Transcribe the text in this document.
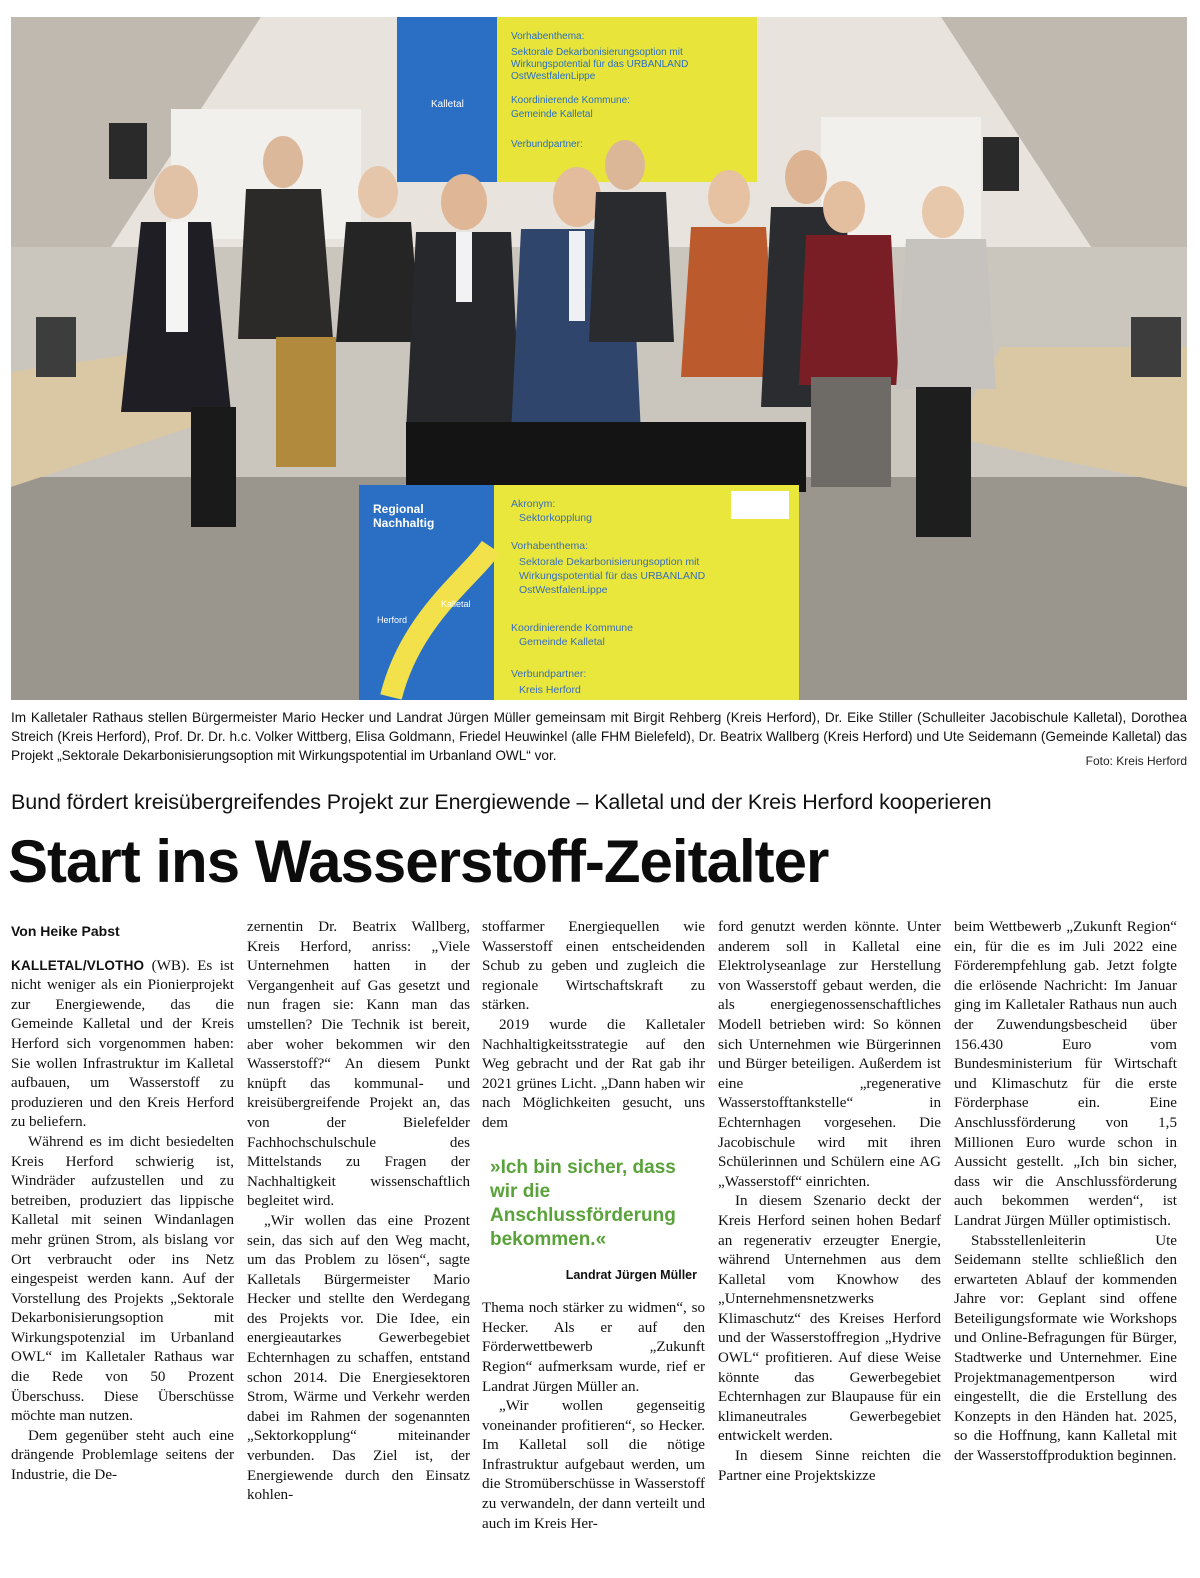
Vorhabenthema:
Sektorale Dekarbonisierungsoption mit
Wirkungspotential für das URBANLAND
OstWestfalenLippe
Koordinierende Kommune:
Gemeinde Kalletal
Verbundpartner:
Kalletal
Regional
Nachhaltig
Kalletal
Herford
Akronym:
Sektorkopplung
Vorhabenthema:
Sektorale Dekarbonisierungsoption mit
Wirkungspotential für das URBANLAND
OstWestfalenLippe
Koordinierende Kommune
Gemeinde Kalletal
Verbundpartner:
Kreis Herford
Im Kalletaler Rathaus stellen Bürgermeister Mario Hecker und Landrat Jürgen Müller gemeinsam mit Birgit Rehberg (Kreis Herford), Dr. Eike Stiller (Schulleiter Jacobischule Kalletal), Dorothea Streich (Kreis Herford), Prof. Dr. Dr. h.c. Volker Wittberg, Elisa Goldmann, Friedel Heuwinkel (alle FHM Bielefeld), Dr. Beatrix Wallberg (Kreis Herford) und Ute Seidemann (Gemeinde Kalletal) das Projekt „Sektorale Dekarbonisierungsoption mit Wirkungspotential im Urbanland OWL“ vor.	Foto: Kreis Herford
Bund fördert kreisübergreifendes Projekt zur Energiewende – Kalletal und der Kreis Herford kooperieren
Start ins Wasserstoff-Zeitalter
Von Heike Pabst

KALLETAL/VLOTHO (WB). Es ist nicht weniger als ein Pionierprojekt zur Energiewende, das die Gemeinde Kalletal und der Kreis Herford sich vorgenommen haben: Sie wollen Infrastruktur im Kalletal aufbauen, um Wasserstoff zu produzieren und den Kreis Herford zu beliefern.

Während es im dicht besiedelten Kreis Herford schwierig ist, Windräder aufzustellen und zu betreiben, produziert das lippische Kalletal mit seinen Windanlagen mehr grünen Strom, als bislang vor Ort verbraucht oder ins Netz eingespeist werden kann. Auf der Vorstellung des Projekts „Sektorale Dekarbonisierungsoption mit Wirkungspotenzial im Urbanland OWL“ im Kalletaler Rathaus war die Rede von 50 Prozent Überschuss. Diese Überschüsse möchte man nutzen.

Dem gegenüber steht auch eine drängende Problemlage seitens der Industrie, die De-

zernentin Dr. Beatrix Wallberg, Kreis Herford, anriss: „Viele Unternehmen hatten in der Vergangenheit auf Gas gesetzt und nun fragen sie: Kann man das umstellen? Die Technik ist bereit, aber woher bekommen wir den Wasserstoff?“ An diesem Punkt knüpft das kommunal- und kreisübergreifende Projekt an, das von der Bielefelder Fachhochschulschule des Mittelstands zu Fragen der Nachhaltigkeit wissenschaftlich begleitet wird.

„Wir wollen das eine Prozent sein, das sich auf den Weg macht, um das Problem zu lösen“, sagte Kalletals Bürgermeister Mario Hecker und stellte den Werdegang des Projekts vor. Die Idee, ein energieautarkes Gewerbegebiet Echternhagen zu schaffen, entstand schon 2014. Die Energiesektoren Strom, Wärme und Verkehr werden dabei im Rahmen der sogenannten „Sektorkopplung“ miteinander verbunden. Das Ziel ist, der Energiewende durch den Einsatz kohlen-

stoffarmer Energiequellen wie Wasserstoff einen entscheidenden Schub zu geben und zugleich die regionale Wirtschaftskraft zu stärken.

2019 wurde die Kalletaler Nachhaltigkeitsstrategie auf den Weg gebracht und der Rat gab ihr 2021 grünes Licht. „Dann haben wir nach Möglichkeiten gesucht, uns dem

»Ich bin sicher, dass wir die Anschlussförderung bekommen.«
Landrat Jürgen Müller

Thema noch stärker zu widmen“, so Hecker. Als er auf den Förderwettbewerb „Zukunft Region“ aufmerksam wurde, rief er Landrat Jürgen Müller an.

„Wir wollen gegenseitig voneinander profitieren“, so Hecker. Im Kalletal soll die nötige Infrastruktur aufgebaut werden, um die Stromüberschüsse in Wasserstoff zu verwandeln, der dann verteilt und auch im Kreis Her-

ford genutzt werden könnte. Unter anderem soll in Kalletal eine Elektrolyseanlage zur Herstellung von Wasserstoff gebaut werden, die als energiegenossenschaftliches Modell betrieben wird: So können sich Unternehmen wie Bürgerinnen und Bürger beteiligen. Außerdem ist eine „regenerative Wasserstofftankstelle“ in Echternhagen vorgesehen. Die Jacobischule wird mit ihren Schülerinnen und Schülern eine AG „Wasserstoff“ einrichten.

In diesem Szenario deckt der Kreis Herford seinen hohen Bedarf an regenerativ erzeugter Energie, während Unternehmen aus dem Kalletal vom Knowhow des „Unternehmensnetzwerks Klimaschutz“ des Kreises Herford und der Wasserstoffregion „Hydrive OWL“ profitieren. Auf diese Weise könnte das Gewerbegebiet Echternhagen zur Blaupause für ein klimaneutrales Gewerbegebiet entwickelt werden.

In diesem Sinne reichten die Partner eine Projektskizze

beim Wettbewerb „Zukunft Region“ ein, für die es im Juli 2022 eine Förderempfehlung gab. Jetzt folgte die erlösende Nachricht: Im Januar ging im Kalletaler Rathaus nun auch der Zuwendungsbescheid über 156.430 Euro vom Bundesministerium für Wirtschaft und Klimaschutz für die erste Förderphase ein. Eine Anschlussförderung von 1,5 Millionen Euro wurde schon in Aussicht gestellt. „Ich bin sicher, dass wir die Anschlussförderung auch bekommen werden“, ist Landrat Jürgen Müller optimistisch.

Stabsstellenleiterin Ute Seidemann stellte schließlich den erwarteten Ablauf der kommenden Jahre vor: Geplant sind offene Beteiligungsformate wie Workshops und Online-Befragungen für Bürger, Stadtwerke und Unternehmer. Eine Projektmanagementperson wird eingestellt, die die Erstellung des Konzepts in den Händen hat. 2025, so die Hoffnung, kann Kalletal mit der Wasserstoffproduktion beginnen.
